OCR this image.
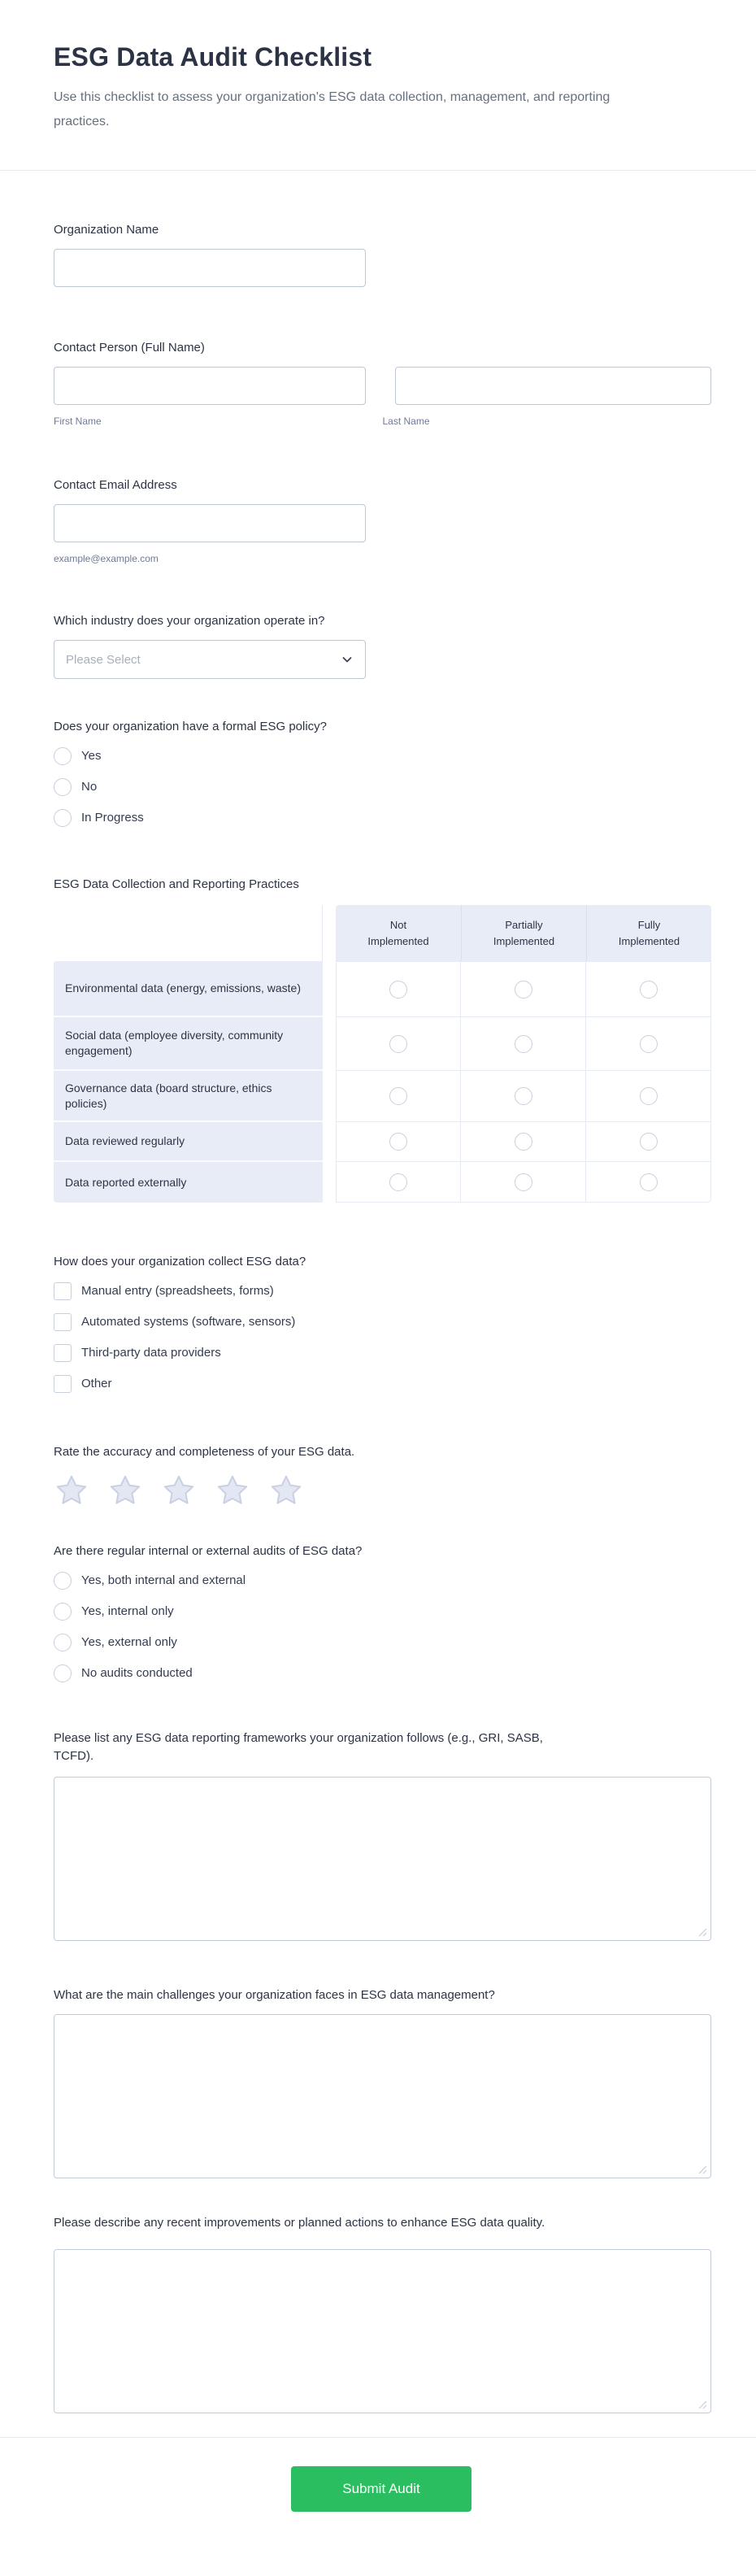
ESG Data Audit Checklist

Use this checklist to assess your organization's ESG data collection, management, and reporting practices.

Organization Name
Contact Person (Full Name)
First Name	Last Name
Contact Email Address
example@example.com
Which industry does your organization operate in?
Please Select
Does your organization have a formal ESG policy?
Yes
No
In Progress
ESG Data Collection and Reporting Practices
Not Implemented
Partially Implemented
Fully Implemented
Environmental data (energy, emissions, waste)
Social data (employee diversity, community engagement)
Governance data (board structure, ethics policies)
Data reviewed regularly
Data reported externally
How does your organization collect ESG data?
Manual entry (spreadsheets, forms)
Automated systems (software, sensors)
Third-party data providers
Other
Rate the accuracy and completeness of your ESG data.
Are there regular internal or external audits of ESG data?
Yes, both internal and external
Yes, internal only
Yes, external only
No audits conducted
Please list any ESG data reporting frameworks your organization follows (e.g., GRI, SASB, TCFD).
What are the main challenges your organization faces in ESG data management?
Please describe any recent improvements or planned actions to enhance ESG data quality.
Submit Audit
